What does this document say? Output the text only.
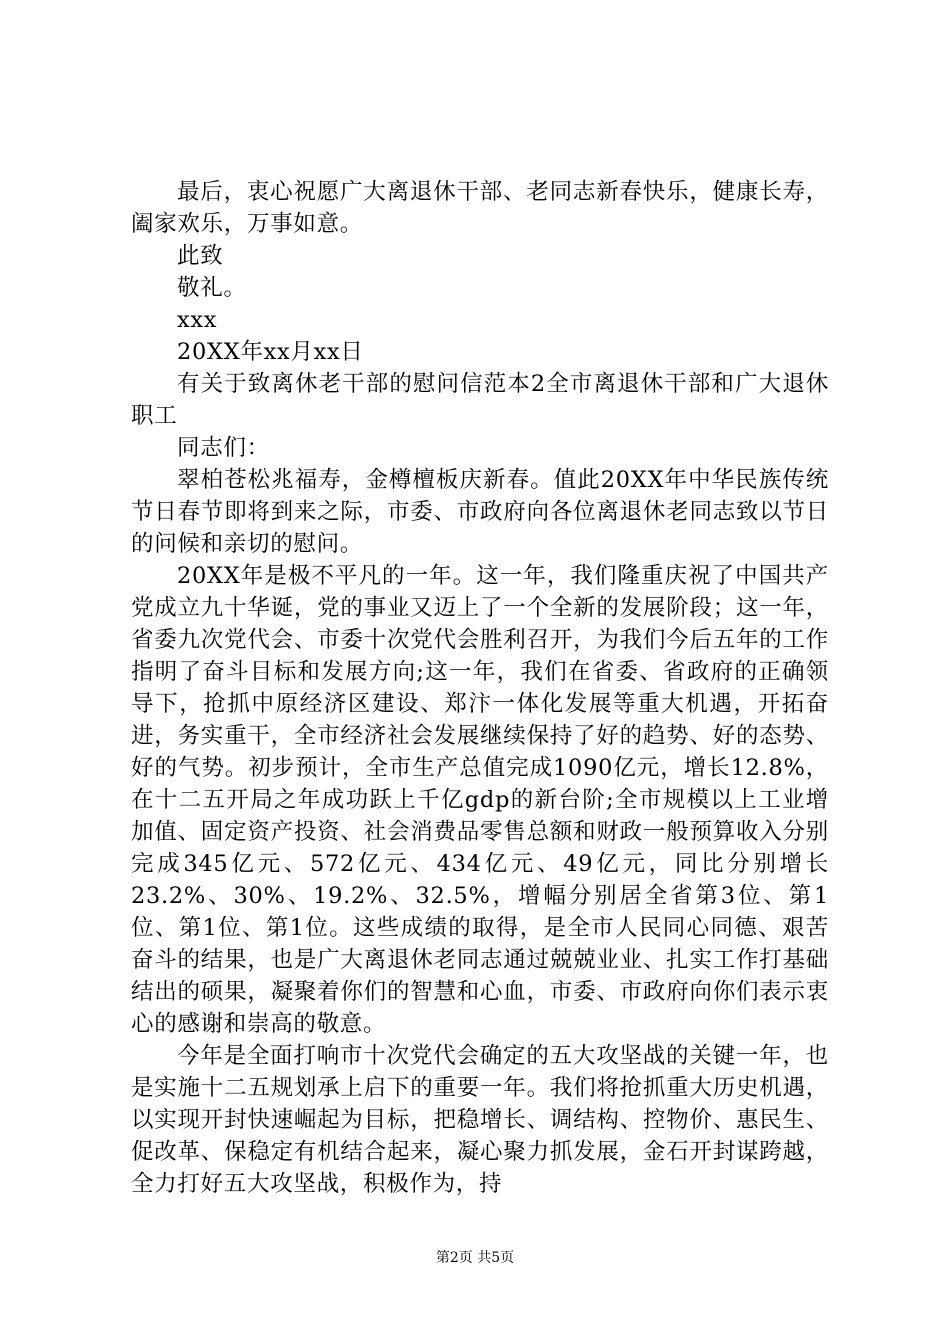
最后，衷心祝愿广大离退休干部、老同志新春快乐，健康长寿，阖家欢乐，万事如意。

此致

敬礼。

xxx

20XX年xx月xx日

有关于致离休老干部的慰问信范本2全市离退休干部和广大退休职工

同志们：

翠柏苍松兆福寿，金樽檀板庆新春。值此20XX年中华民族传统节日春节即将到来之际，市委、市政府向各位离退休老同志致以节日的问候和亲切的慰问。

20XX年是极不平凡的一年。这一年，我们隆重庆祝了中国共产党成立九十华诞，党的事业又迈上了一个全新的发展阶段；这一年，省委九次党代会、市委十次党代会胜利召开，为我们今后五年的工作指明了奋斗目标和发展方向;这一年，我们在省委、省政府的正确领导下，抢抓中原经济区建设、郑汴一体化发展等重大机遇，开拓奋进，务实重干，全市经济社会发展继续保持了好的趋势、好的态势、好的气势。初步预计，全市生产总值完成1090亿元，增长12.8%，在十二五开局之年成功跃上千亿gdp的新台阶;全市规模以上工业增加值、固定资产投资、社会消费品零售总额和财政一般预算收入分别完成345亿元、572亿元、434亿元、49亿元，同比分别增长23.2%、30%、19.2%、32.5%，增幅分别居全省第3位、第1位、第1位、第1位。这些成绩的取得，是全市人民同心同德、艰苦奋斗的结果，也是广大离退休老同志通过兢兢业业、扎实工作打基础结出的硕果，凝聚着你们的智慧和心血，市委、市政府向你们表示衷心的感谢和崇高的敬意。

今年是全面打响市十次党代会确定的五大攻坚战的关键一年，也是实施十二五规划承上启下的重要一年。我们将抢抓重大历史机遇，以实现开封快速崛起为目标，把稳增长、调结构、控物价、惠民生、促改革、保稳定有机结合起来，凝心聚力抓发展，金石开封谋跨越，全力打好五大攻坚战，积极作为，持

第2页 共5页
